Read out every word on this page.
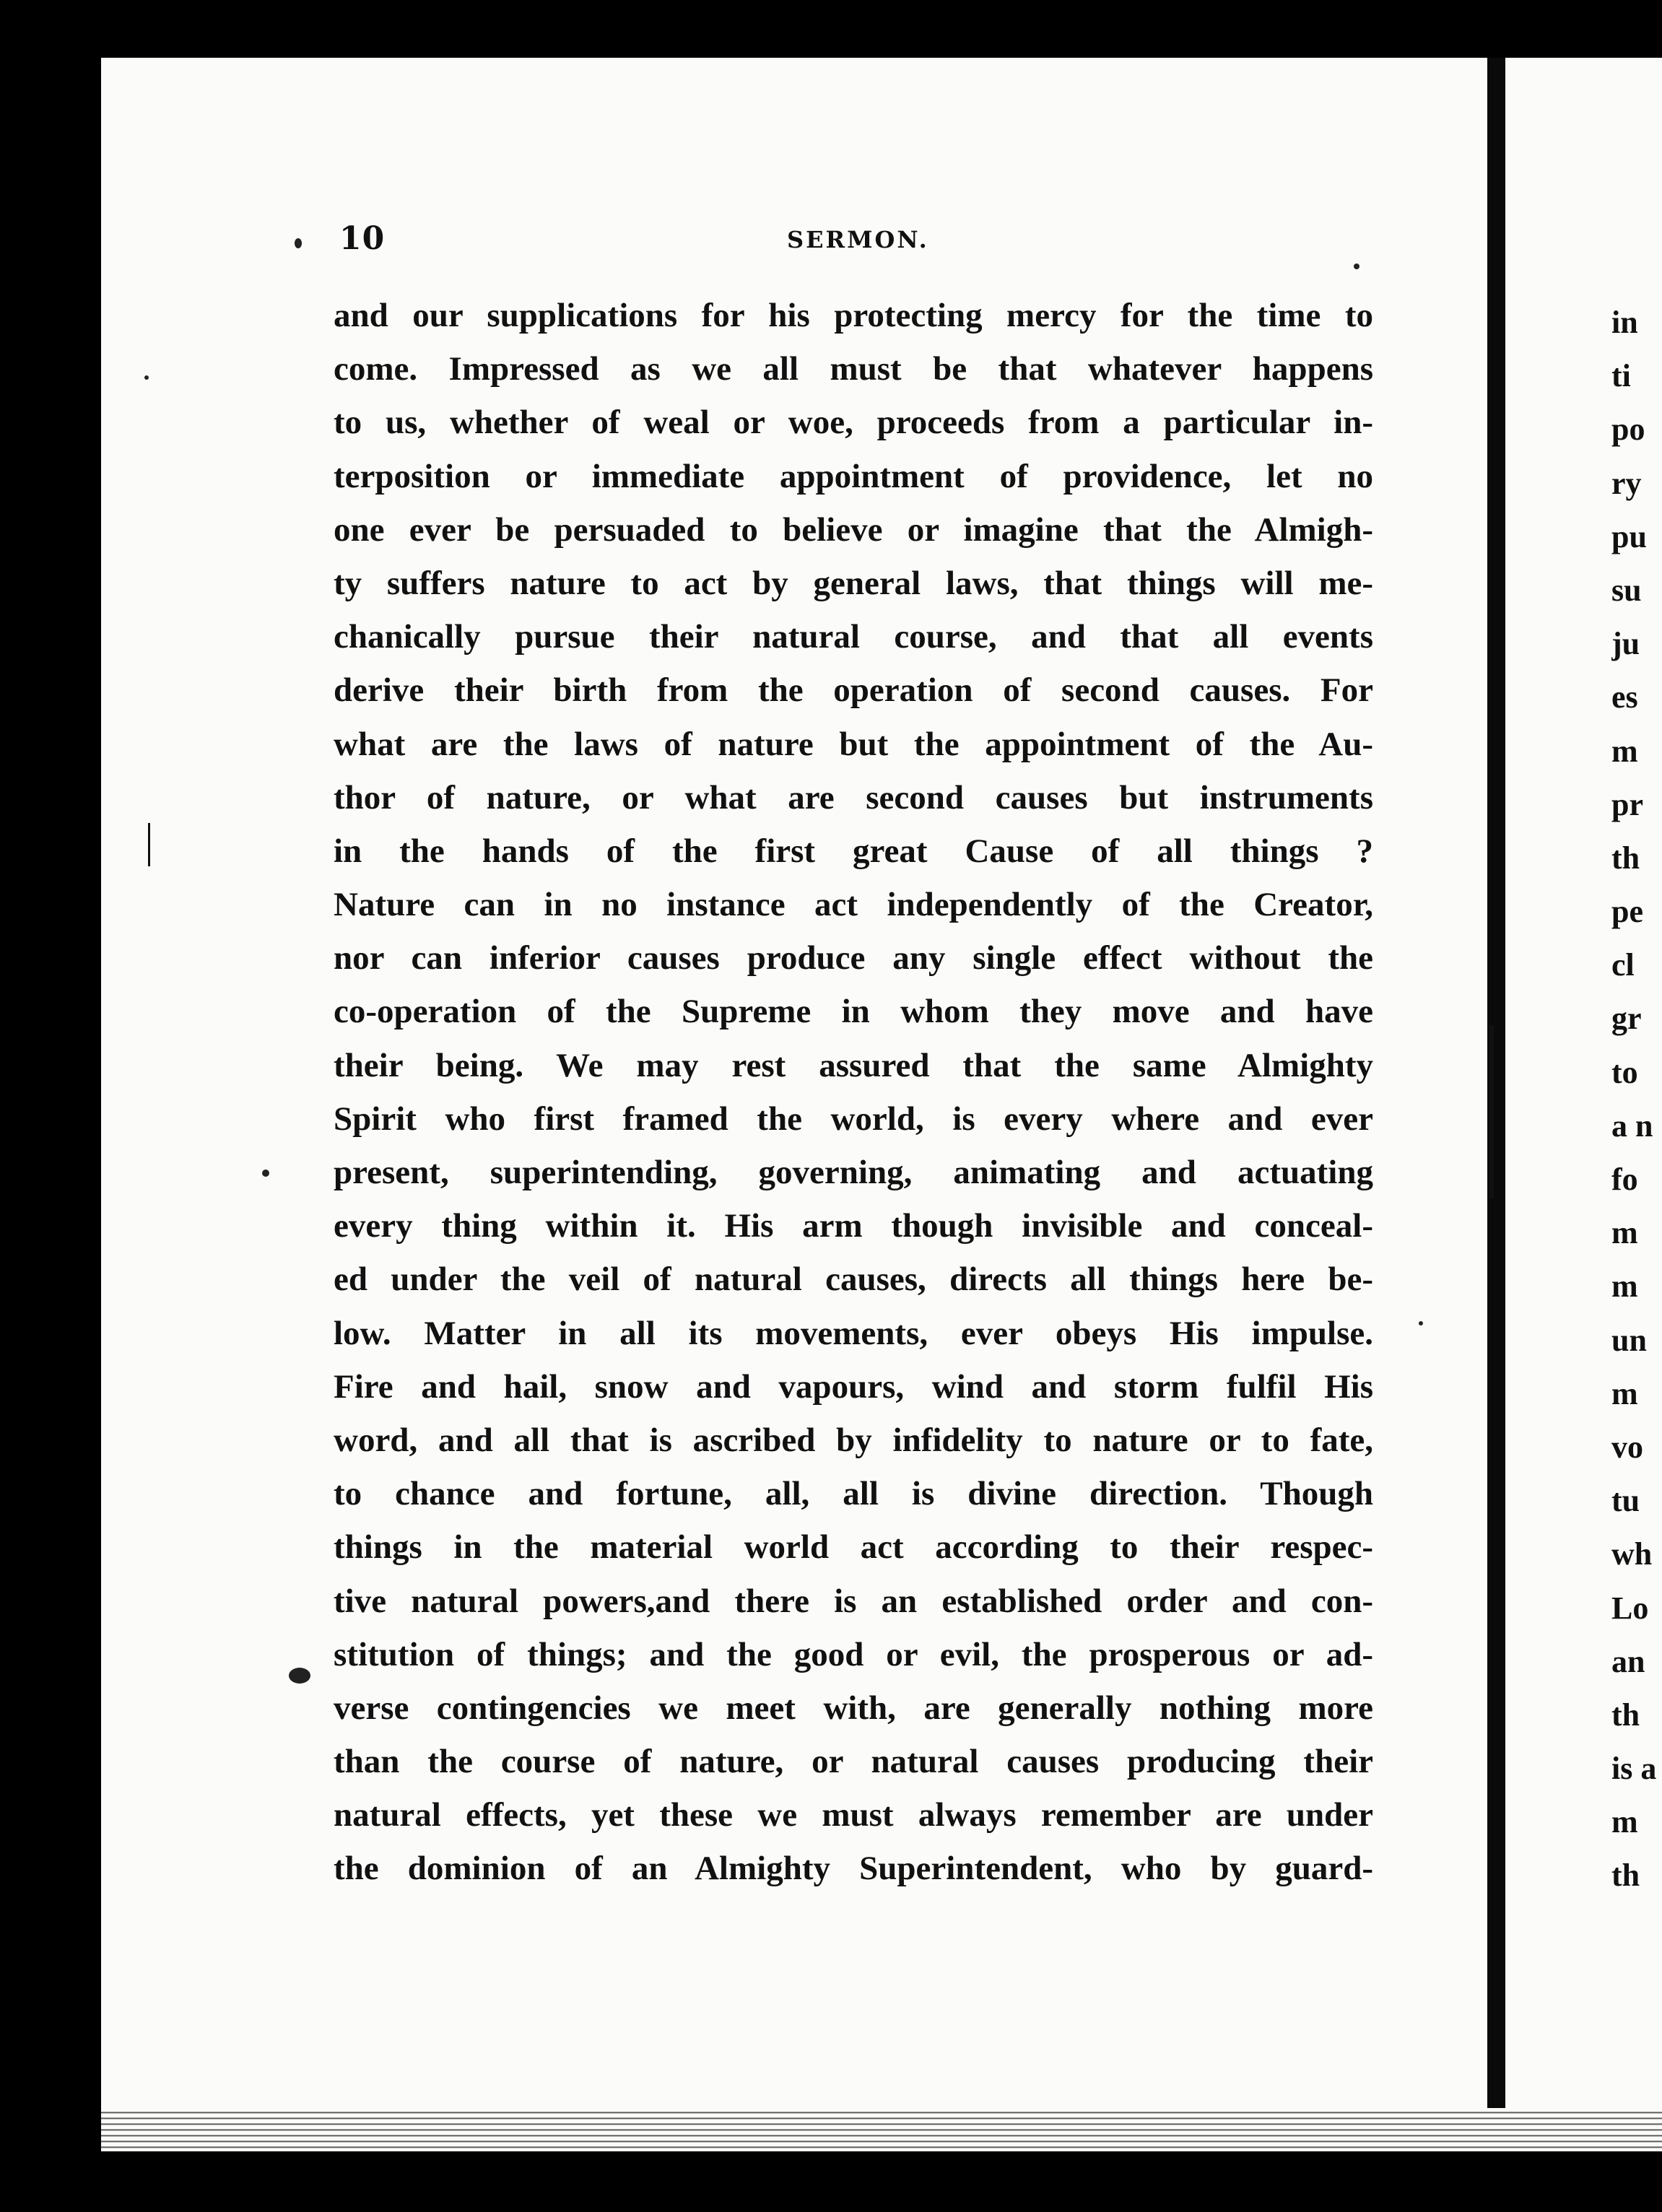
10	SERMON.
and our supplications for his protecting mercy for the time to
come. Impressed as we all must be that whatever happens
to us, whether of weal or woe, proceeds from a particular in-
terposition or immediate appointment of providence, let no
one ever be persuaded to believe or imagine that the Almigh-
ty suffers nature to act by general laws, that things will me-
chanically pursue their natural course, and that all events
derive their birth from the operation of second causes. For
what are the laws of nature but the appointment of the Au-
thor of nature, or what are second causes but instruments
in the hands of the first great Cause of all things ?
Nature can in no instance act independently of the Creator,
nor can inferior causes produce any single effect without the
co-operation of the Supreme in whom they move and have
their being. We may rest assured that the same Almighty
Spirit who first framed the world, is every where and ever
present, superintending, governing, animating and actuating
every thing within it. His arm though invisible and conceal-
ed under the veil of natural causes, directs all things here be-
low. Matter in all its movements, ever obeys His impulse.
Fire and hail, snow and vapours, wind and storm fulfil His
word, and all that is ascribed by infidelity to nature or to fate,
to chance and fortune, all, all is divine direction. Though
things in the material world act according to their respec-
tive natural powers,and there is an established order and con-
stitution of things; and the good or evil, the prosperous or ad-
verse contingencies we meet with, are generally nothing more
than the course of nature, or natural causes producing their
natural effects, yet these we must always remember are under
the dominion of an Almighty Superintendent, who by guard-
in
ti
po
ry
pu
su
ju
es
m
pr
th
pe
cl
gr
to
a n
fo
m
m
un
m
vo
tu
wh
Lo
an
th
is a
m
th
